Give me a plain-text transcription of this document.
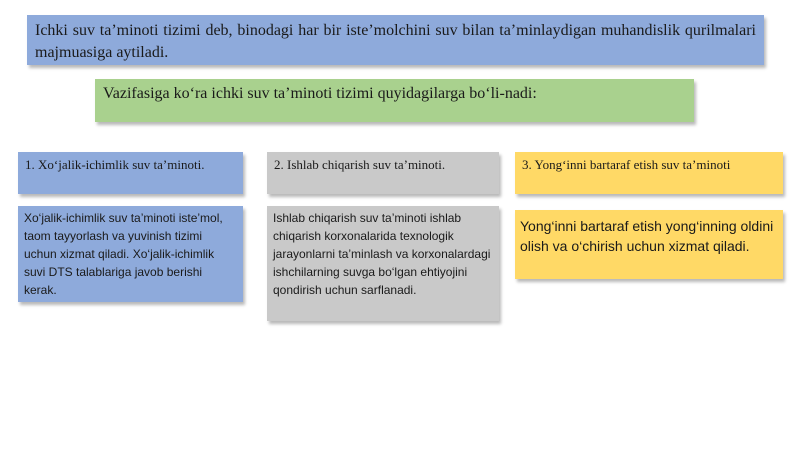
Ichki suv ta’minoti tizimi deb, binodagi har bir iste’molchini suv bilan ta’minlaydigan muhandislik qurilmalari majmuasiga aytiladi.
Vazifasiga ko‘ra ichki suv ta’minoti tizimi quyidagilarga bo‘li-nadi:
1. Xo‘jalik-ichimlik suv ta’minoti.	2. Ishlab chiqarish suv ta’minoti.	3. Yong‘inni bartaraf etish suv ta’minoti
Xo‘jalik-ichimlik suv ta’minoti iste’mol, taom tayyorlash va yuvinish tizimi uchun xizmat qiladi. Xo‘jalik-ichimlik suvi DTS talablariga javob berishi kerak.
Ishlab chiqarish suv ta’minoti ishlab chiqarish korxonalarida texnologik jarayonlarni ta’minlash va korxonalardagi ishchilarning suvga bo‘lgan ehtiyojini qondirish uchun sarflanadi.
Yong‘inni bartaraf etish yong‘inning oldini olish va o‘chirish uchun xizmat qiladi.
